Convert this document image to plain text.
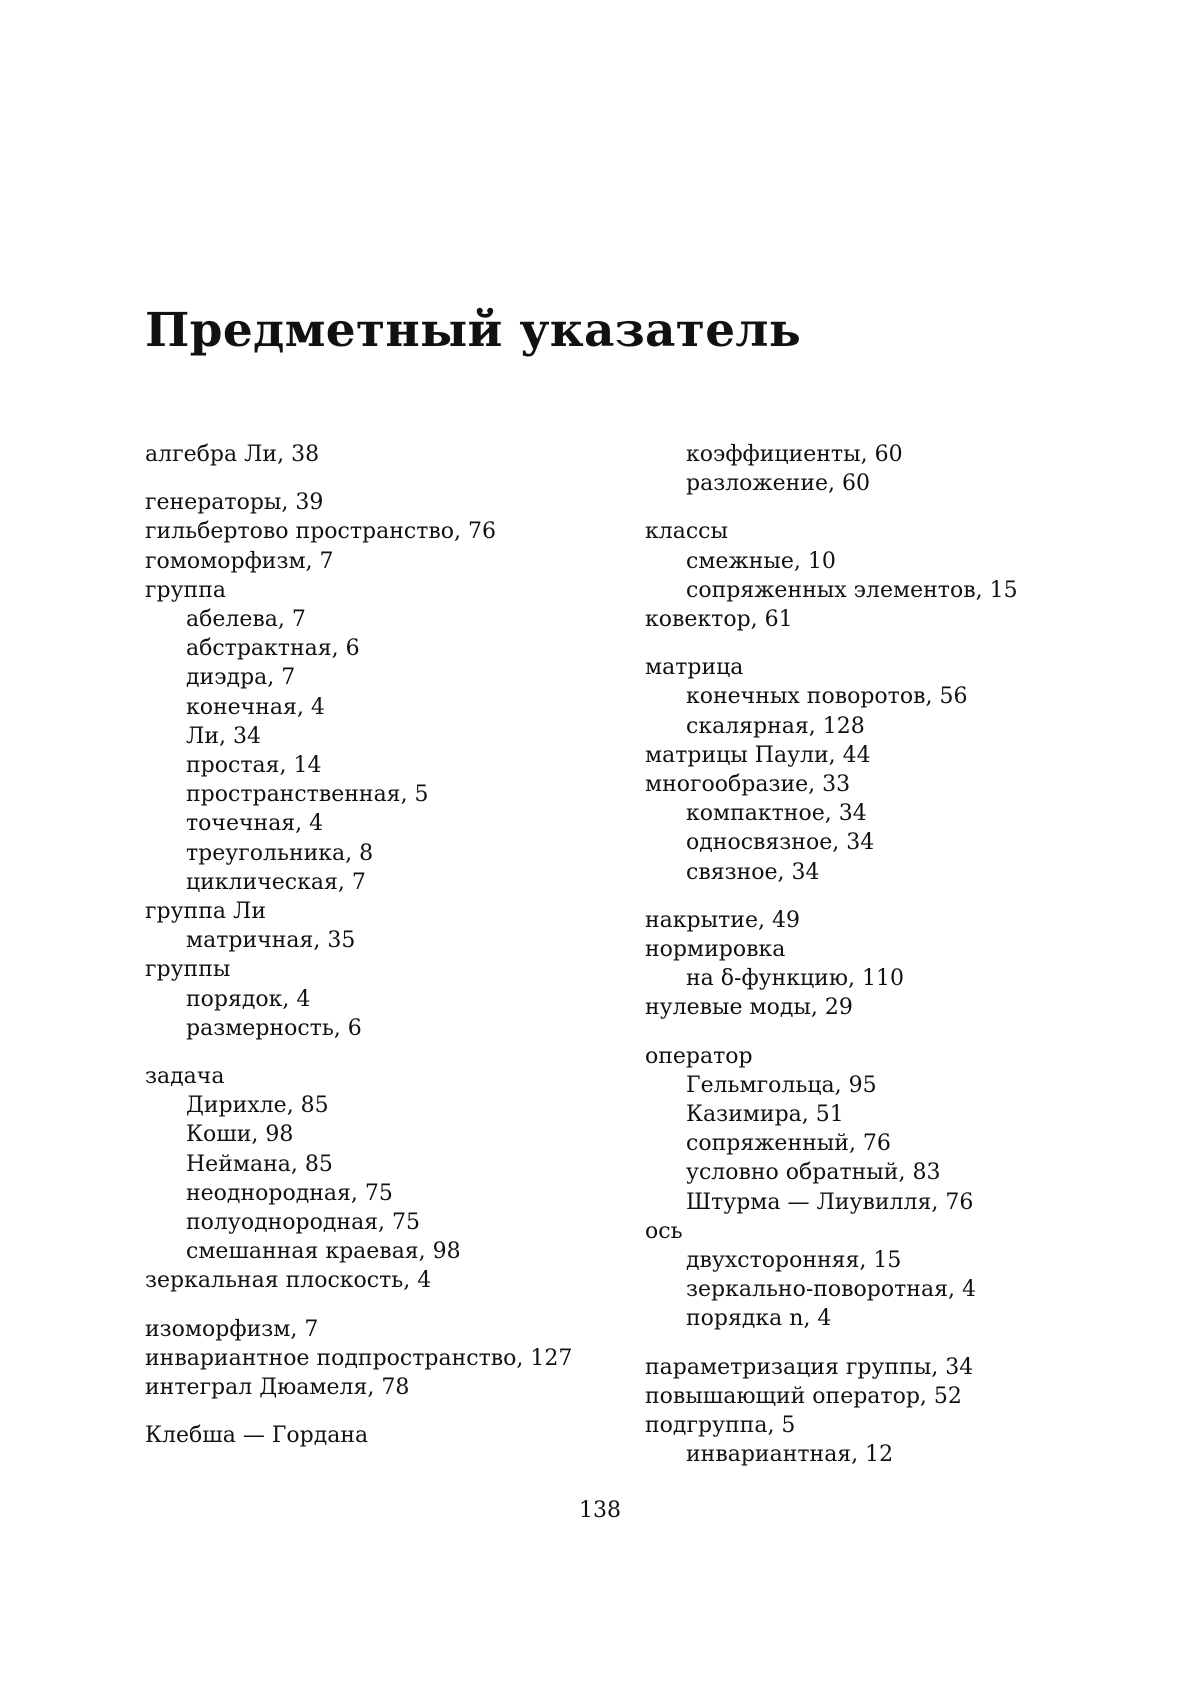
Предметный указатель
алгебра Ли, 38
генераторы, 39
гильбертово пространство, 76
гомоморфизм, 7
группа
абелева, 7
абстрактная, 6
диэдра, 7
конечная, 4
Ли, 34
простая, 14
пространственная, 5
точечная, 4
треугольника, 8
циклическая, 7
группа Ли
матричная, 35
группы
порядок, 4
размерность, 6
задача
Дирихле, 85
Коши, 98
Неймана, 85
неоднородная, 75
полуоднородная, 75
смешанная краевая, 98
зеркальная плоскость, 4
изоморфизм, 7
инвариантное подпространство, 127
интеграл Дюамеля, 78
Клебша — Гордана
коэффициенты, 60
разложение, 60
классы
смежные, 10
сопряженных элементов, 15
ковектор, 61
матрица
конечных поворотов, 56
скалярная, 128
матрицы Паули, 44
многообразие, 33
компактное, 34
односвязное, 34
связное, 34
накрытие, 49
нормировка
на δ-функцию, 110
нулевые моды, 29
оператор
Гельмгольца, 95
Казимира, 51
сопряженный, 76
условно обратный, 83
Штурма — Лиувилля, 76
ось
двухсторонняя, 15
зеркально-поворотная, 4
порядка n, 4
параметризация группы, 34
повышающий оператор, 52
подгруппа, 5
инвариантная, 12
138
